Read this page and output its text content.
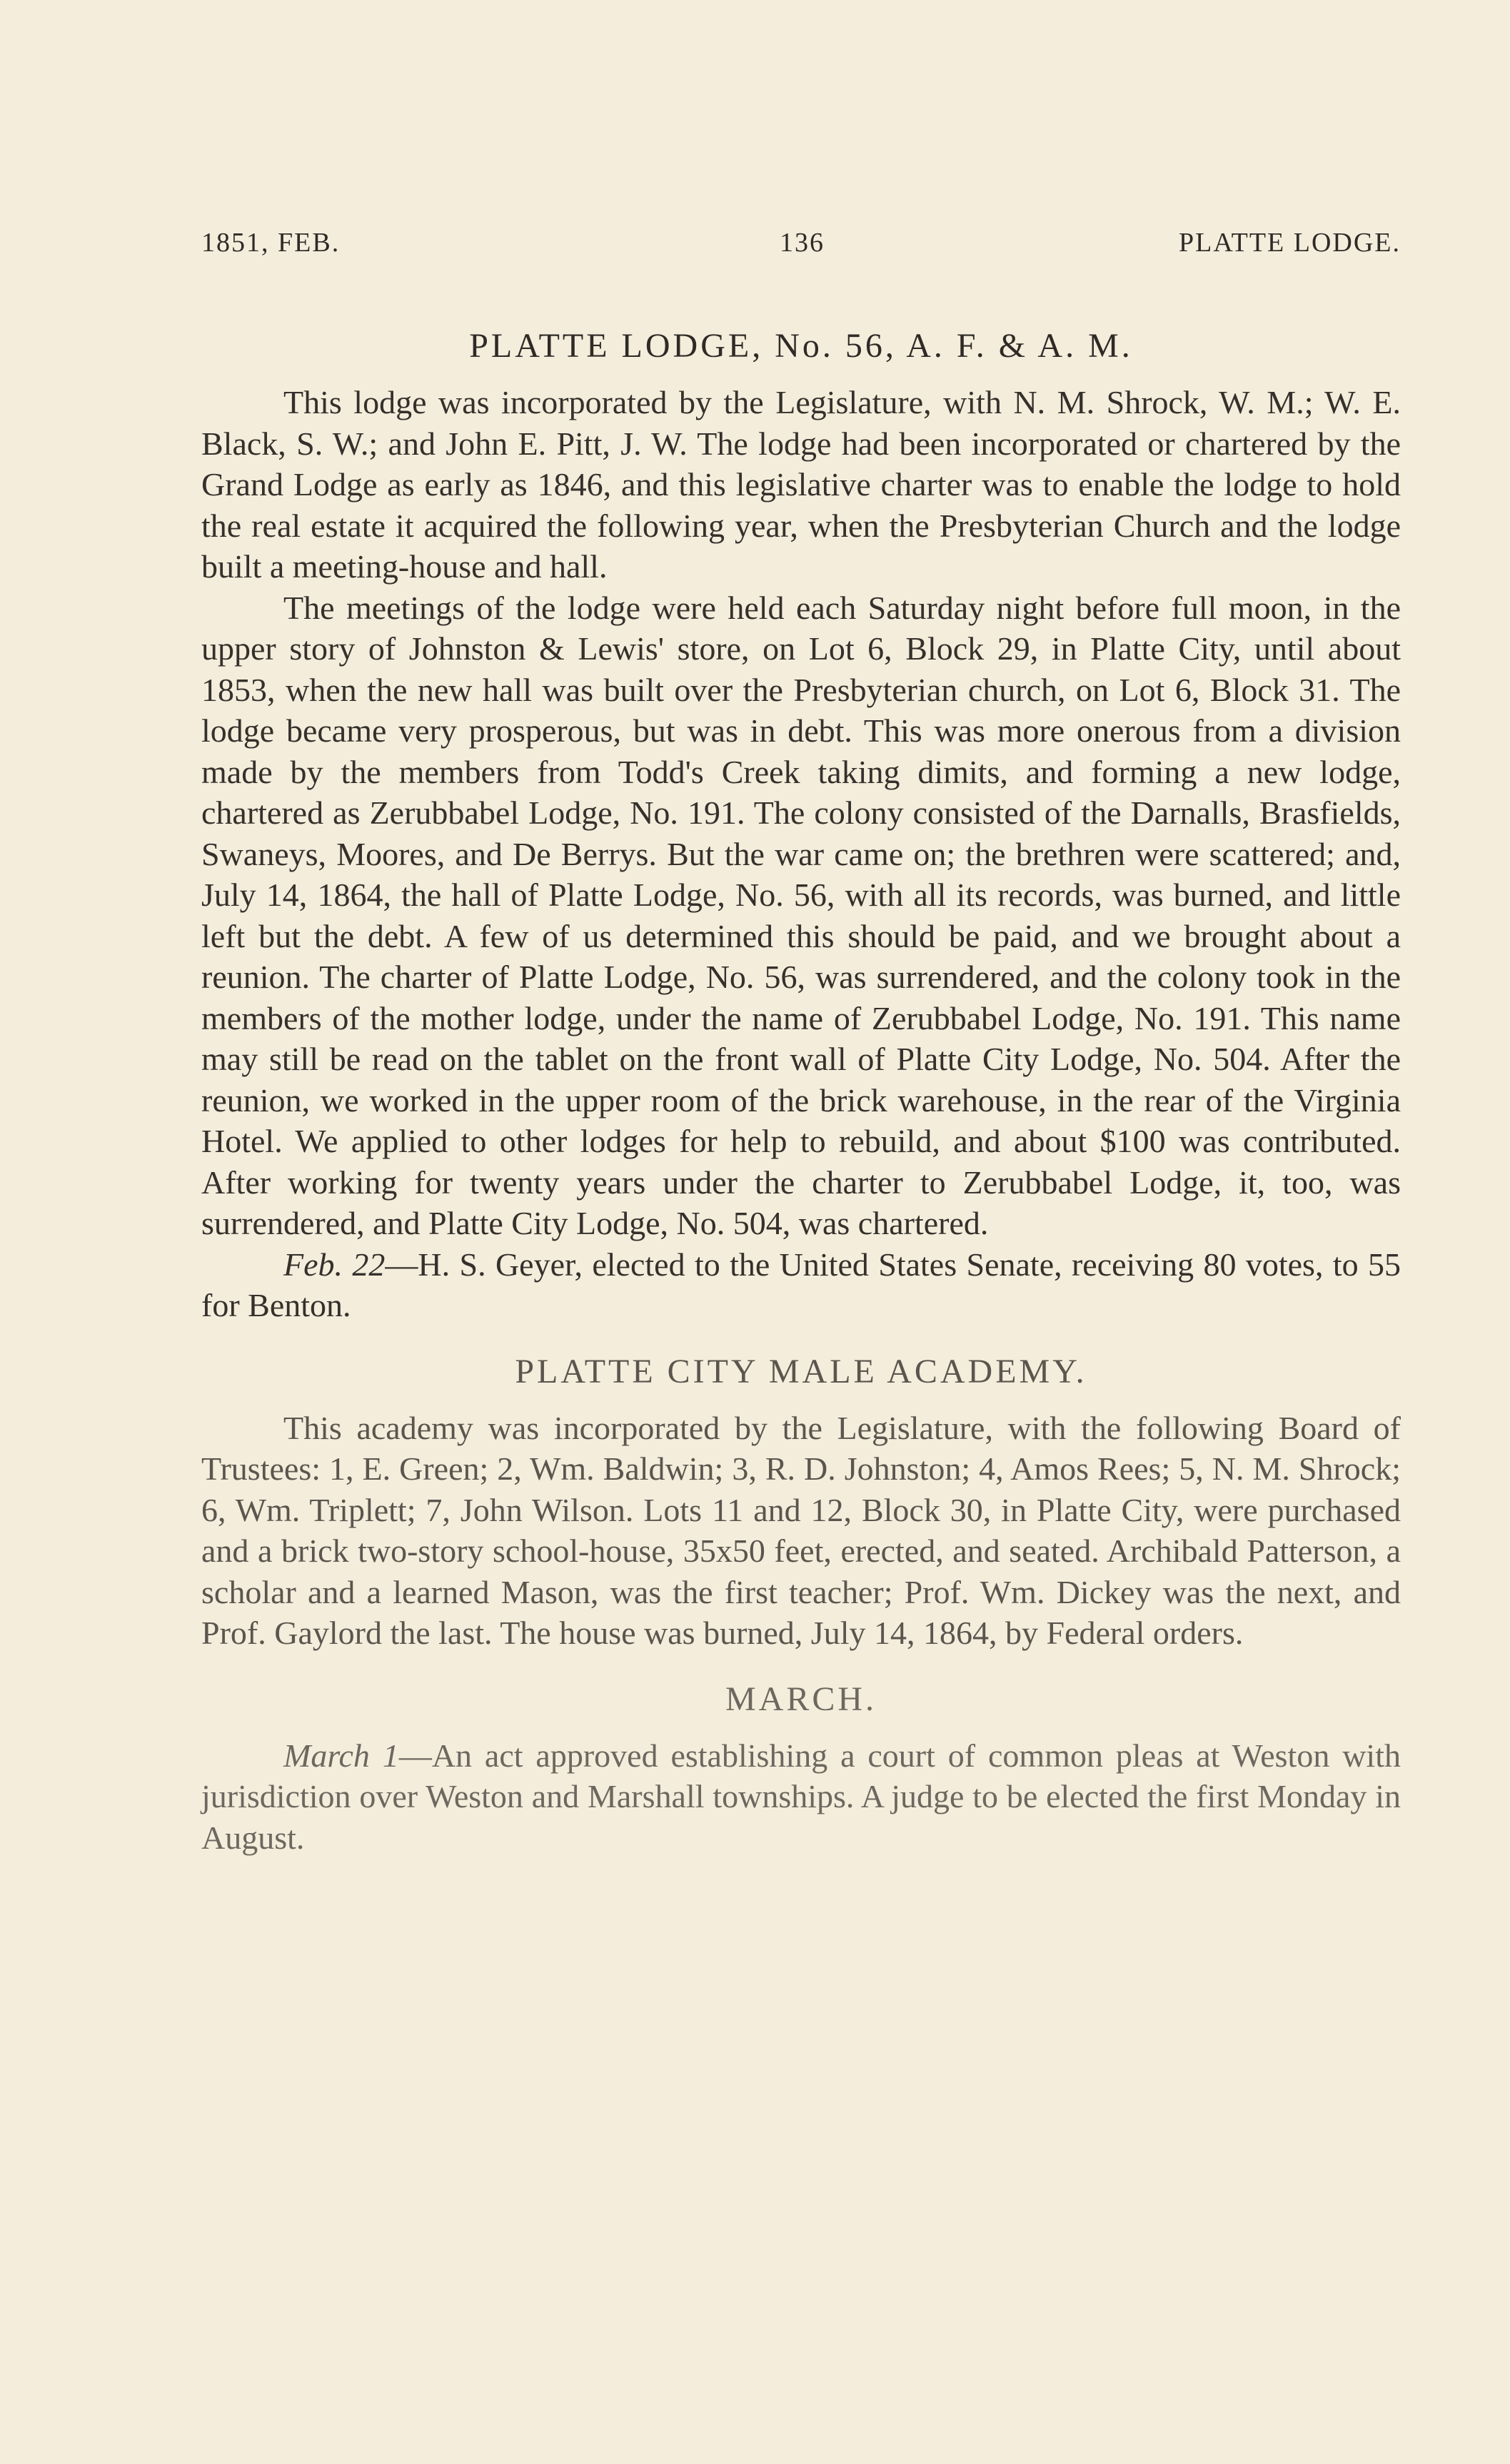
1851, FEB.	136	PLATTE LODGE.
PLATTE LODGE, No. 56, A. F. & A. M.

This lodge was incorporated by the Legislature, with N. M. Shrock, W. M.; W. E. Black, S. W.; and John E. Pitt, J. W. The lodge had been incorporated or chartered by the Grand Lodge as early as 1846, and this legislative charter was to enable the lodge to hold the real estate it acquired the following year, when the Presbyterian Church and the lodge built a meeting-house and hall.

The meetings of the lodge were held each Saturday night before full moon, in the upper story of Johnston & Lewis' store, on Lot 6, Block 29, in Platte City, until about 1853, when the new hall was built over the Presbyterian church, on Lot 6, Block 31. The lodge became very prosperous, but was in debt. This was more onerous from a division made by the members from Todd's Creek taking dimits, and forming a new lodge, chartered as Zerubbabel Lodge, No. 191. The colony consisted of the Darnalls, Brasfields, Swaneys, Moores, and De Berrys. But the war came on; the brethren were scattered; and, July 14, 1864, the hall of Platte Lodge, No. 56, with all its records, was burned, and little left but the debt. A few of us determined this should be paid, and we brought about a reunion. The charter of Platte Lodge, No. 56, was surrendered, and the colony took in the members of the mother lodge, under the name of Zerubbabel Lodge, No. 191. This name may still be read on the tablet on the front wall of Platte City Lodge, No. 504. After the reunion, we worked in the upper room of the brick warehouse, in the rear of the Virginia Hotel. We applied to other lodges for help to rebuild, and about $100 was contributed. After working for twenty years under the charter to Zerubbabel Lodge, it, too, was surrendered, and Platte City Lodge, No. 504, was chartered.

Feb. 22—H. S. Geyer, elected to the United States Senate, receiving 80 votes, to 55 for Benton.

PLATTE CITY MALE ACADEMY.

This academy was incorporated by the Legislature, with the following Board of Trustees: 1, E. Green; 2, Wm. Baldwin; 3, R. D. Johnston; 4, Amos Rees; 5, N. M. Shrock; 6, Wm. Triplett; 7, John Wilson. Lots 11 and 12, Block 30, in Platte City, were purchased and a brick two-story school-house, 35x50 feet, erected, and seated. Archibald Patterson, a scholar and a learned Mason, was the first teacher; Prof. Wm. Dickey was the next, and Prof. Gaylord the last. The house was burned, July 14, 1864, by Federal orders.

MARCH.

March 1—An act approved establishing a court of common pleas at Weston with jurisdiction over Weston and Marshall townships. A judge to be elected the first Monday in August.
